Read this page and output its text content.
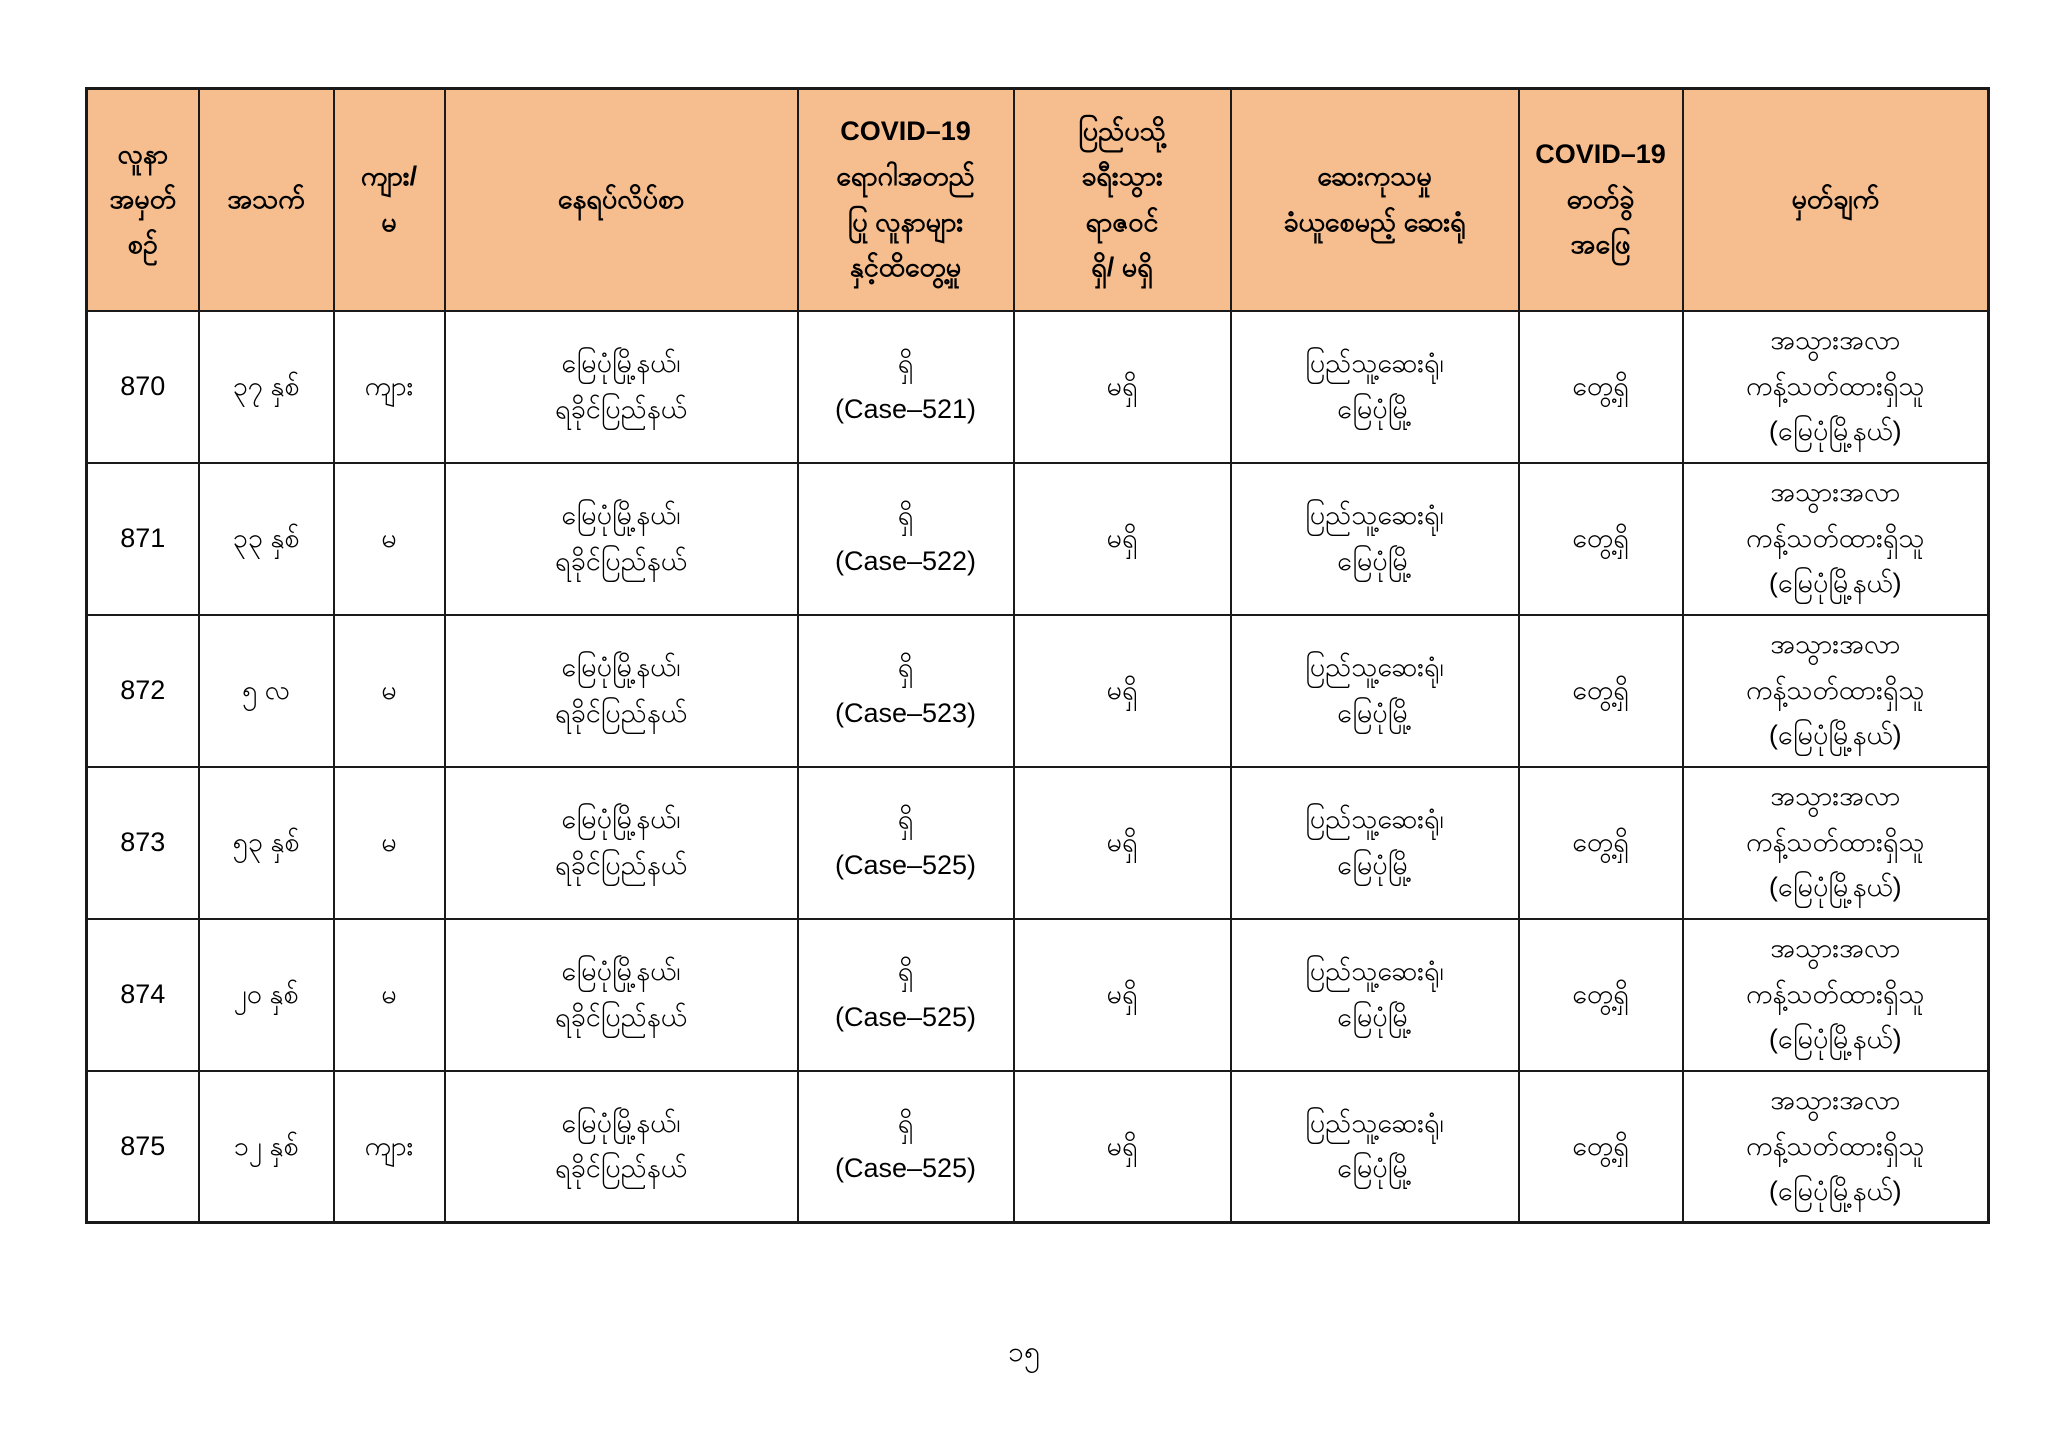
လူနာ
အမှတ်
စဉ်	အသက်	ကျား/
မ	နေရပ်လိပ်စာ	COVID–19
ရောဂါအတည်
ပြု လူနာများ
နှင့်ထိတွေ့မှု	ပြည်ပသို့
ခရီးသွား
ရာဇဝင်
ရှိ/ မရှိ	ဆေးကုသမှု
ခံယူစေမည့် ဆေးရုံ	COVID–19
ဓာတ်ခွဲ
အဖြေ	မှတ်ချက်

870	၃၇ နှစ်	ကျား	မြေပုံမြို့နယ်၊
ရခိုင်ပြည်နယ်	ရှိ
(Case–521)	မရှိ	ပြည်သူ့ဆေးရုံ၊
မြေပုံမြို့	တွေ့ရှိ	အသွားအလာ
ကန့်သတ်ထားရှိသူ
(မြေပုံမြို့နယ်)

871	၃၃ နှစ်	မ	မြေပုံမြို့နယ်၊
ရခိုင်ပြည်နယ်	ရှိ
(Case–522)	မရှိ	ပြည်သူ့ဆေးရုံ၊
မြေပုံမြို့	တွေ့ရှိ	အသွားအလာ
ကန့်သတ်ထားရှိသူ
(မြေပုံမြို့နယ်)

872	၅ လ	မ	မြေပုံမြို့နယ်၊
ရခိုင်ပြည်နယ်	ရှိ
(Case–523)	မရှိ	ပြည်သူ့ဆေးရုံ၊
မြေပုံမြို့	တွေ့ရှိ	အသွားအလာ
ကန့်သတ်ထားရှိသူ
(မြေပုံမြို့နယ်)

873	၅၃ နှစ်	မ	မြေပုံမြို့နယ်၊
ရခိုင်ပြည်နယ်	ရှိ
(Case–525)	မရှိ	ပြည်သူ့ဆေးရုံ၊
မြေပုံမြို့	တွေ့ရှိ	အသွားအလာ
ကန့်သတ်ထားရှိသူ
(မြေပုံမြို့နယ်)

874	၂၀ နှစ်	မ	မြေပုံမြို့နယ်၊
ရခိုင်ပြည်နယ်	ရှိ
(Case–525)	မရှိ	ပြည်သူ့ဆေးရုံ၊
မြေပုံမြို့	တွေ့ရှိ	အသွားအလာ
ကန့်သတ်ထားရှိသူ
(မြေပုံမြို့နယ်)

875	၁၂ နှစ်	ကျား	မြေပုံမြို့နယ်၊
ရခိုင်ပြည်နယ်	ရှိ
(Case–525)	မရှိ	ပြည်သူ့ဆေးရုံ၊
မြေပုံမြို့	တွေ့ရှိ	အသွားအလာ
ကန့်သတ်ထားရှိသူ
(မြေပုံမြို့နယ်)
၁၅
